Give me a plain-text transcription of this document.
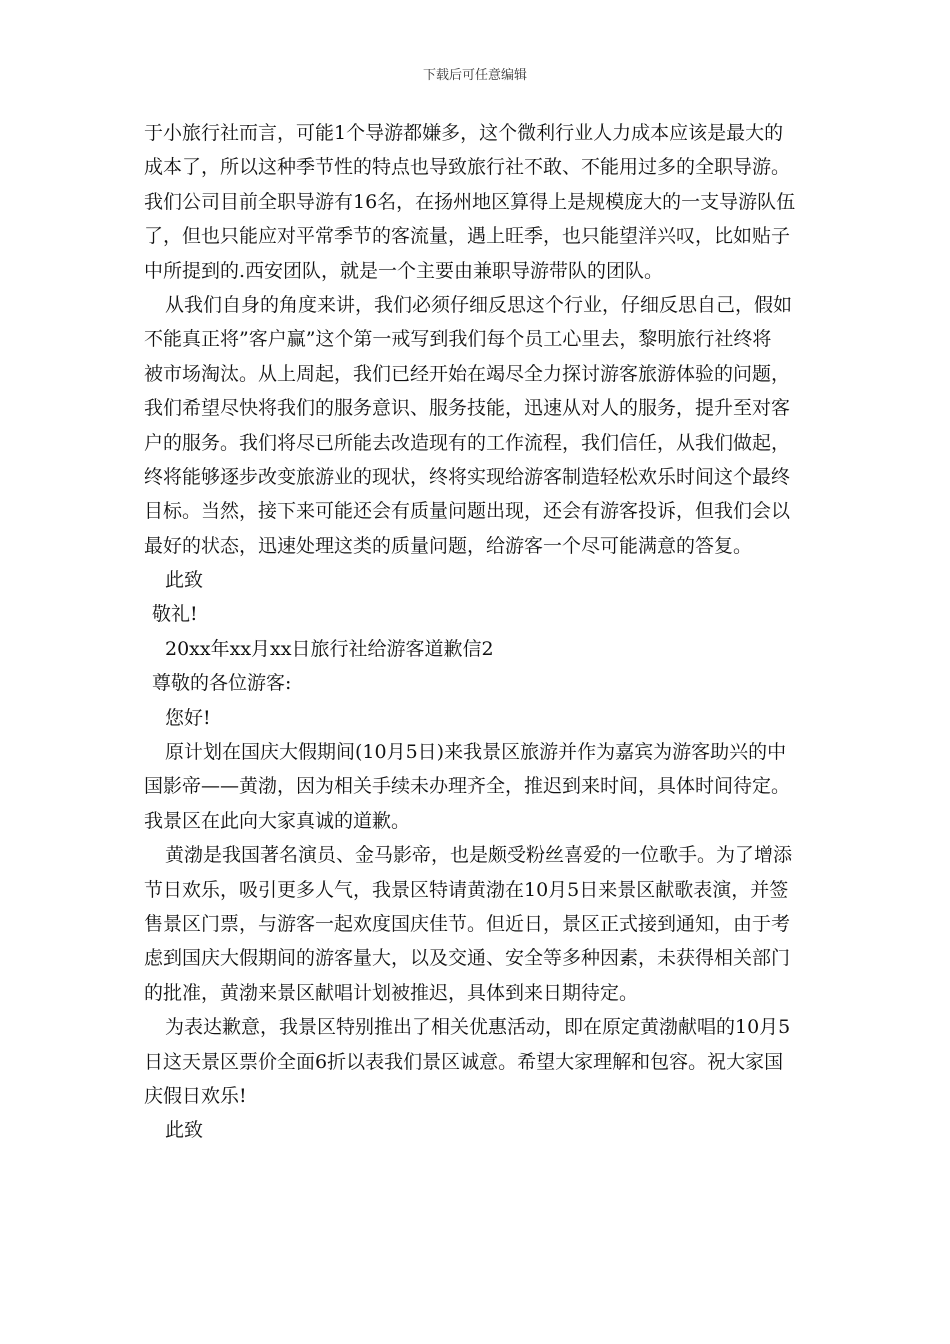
下载后可任意编辑
于小旅行社而言，可能1个导游都嫌多，这个微利行业人力成本应该是最大的
成本了，所以这种季节性的特点也导致旅行社不敢、不能用过多的全职导游。
我们公司目前全职导游有16名，在扬州地区算得上是规模庞大的一支导游队伍
了，但也只能应对平常季节的客流量，遇上旺季，也只能望洋兴叹，比如贴子
中所提到的.西安团队，就是一个主要由兼职导游带队的团队。
从我们自身的角度来讲，我们必须仔细反思这个行业，仔细反思自己，假如
不能真正将”客户赢”这个第一戒写到我们每个员工心里去，黎明旅行社终将
被市场淘汰。从上周起，我们已经开始在竭尽全力探讨游客旅游体验的问题，
我们希望尽快将我们的服务意识、服务技能，迅速从对人的服务，提升至对客
户的服务。我们将尽已所能去改造现有的工作流程，我们信任，从我们做起，
终将能够逐步改变旅游业的现状，终将实现给游客制造轻松欢乐时间这个最终
目标。当然，接下来可能还会有质量问题出现，还会有游客投诉，但我们会以
最好的状态，迅速处理这类的质量问题，给游客一个尽可能满意的答复。
此致
敬礼!
20xx年xx月xx日旅行社给游客道歉信2
尊敬的各位游客:
您好!
原计划在国庆大假期间(10月5日)来我景区旅游并作为嘉宾为游客助兴的中
国影帝——黄渤，因为相关手续未办理齐全，推迟到来时间，具体时间待定。
我景区在此向大家真诚的道歉。
黄渤是我国著名演员、金马影帝，也是颇受粉丝喜爱的一位歌手。为了增添
节日欢乐，吸引更多人气，我景区特请黄渤在10月5日来景区献歌表演，并签
售景区门票，与游客一起欢度国庆佳节。但近日，景区正式接到通知，由于考
虑到国庆大假期间的游客量大，以及交通、安全等多种因素，未获得相关部门
的批准，黄渤来景区献唱计划被推迟，具体到来日期待定。
为表达歉意，我景区特别推出了相关优惠活动，即在原定黄渤献唱的10月5
日这天景区票价全面6折以表我们景区诚意。希望大家理解和包容。祝大家国
庆假日欢乐!
此致
